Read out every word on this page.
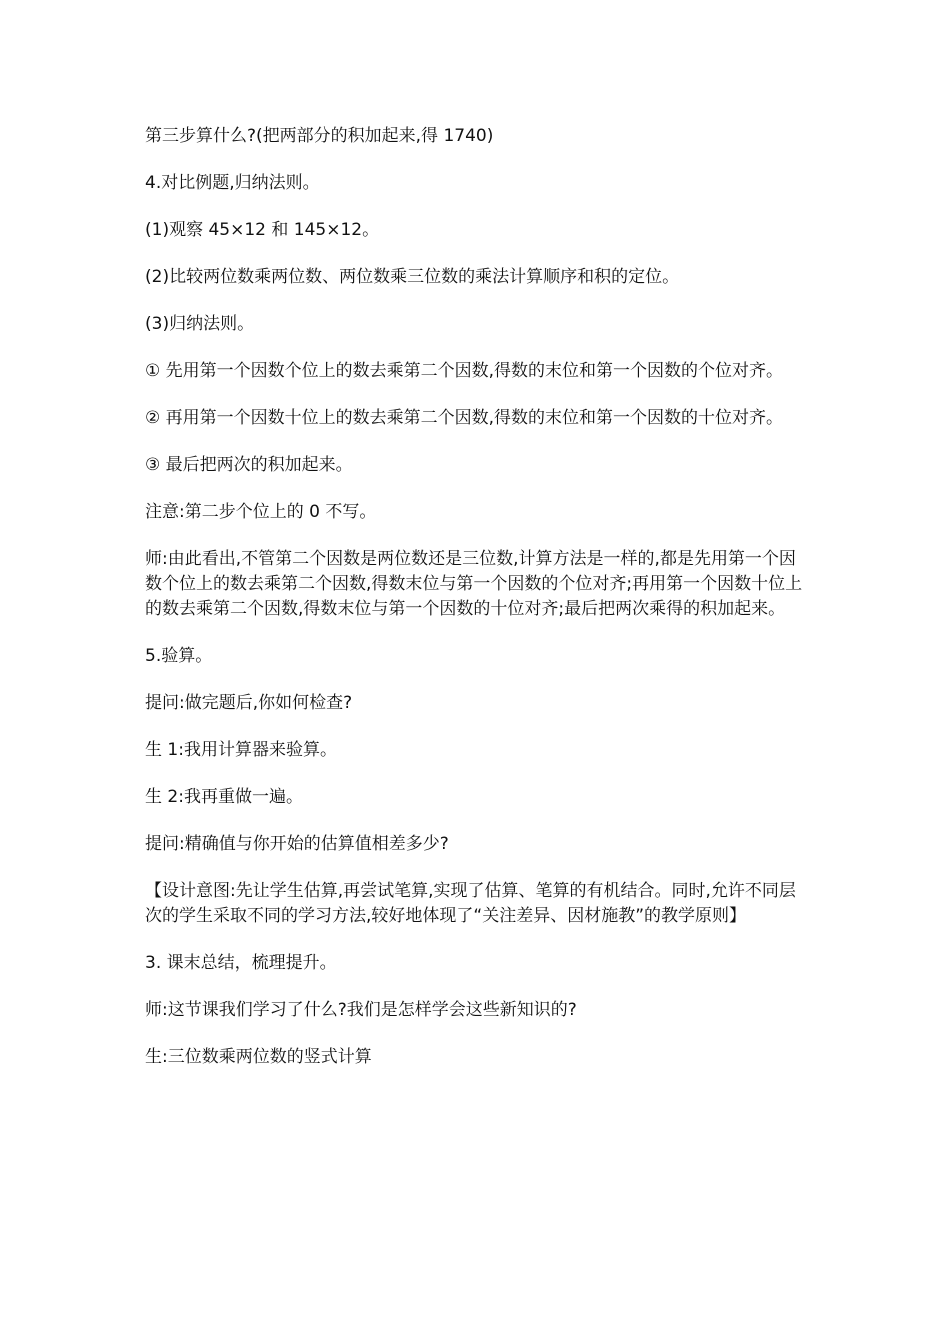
第三步算什么?(把两部分的积加起来,得 1740)

4.对比例题,归纳法则。

(1)观察 45×12 和 145×12。

(2)比较两位数乘两位数、两位数乘三位数的乘法计算顺序和积的定位。

(3)归纳法则。

① 先用第一个因数个位上的数去乘第二个因数,得数的末位和第一个因数的个位对齐。

② 再用第一个因数十位上的数去乘第二个因数,得数的末位和第一个因数的十位对齐。

③ 最后把两次的积加起来。

注意:第二步个位上的 0 不写。

师:由此看出,不管第二个因数是两位数还是三位数,计算方法是一样的,都是先用第一个因数个位上的数去乘第二个因数,得数末位与第一个因数的个位对齐;再用第一个因数十位上的数去乘第二个因数,得数末位与第一个因数的十位对齐;最后把两次乘得的积加起来。

5.验算。

提问:做完题后,你如何检查?

生 1:我用计算器来验算。

生 2:我再重做一遍。

提问:精确值与你开始的估算值相差多少?

【设计意图:先让学生估算,再尝试笔算,实现了估算、笔算的有机结合。同时,允许不同层次的学生采取不同的学习方法,较好地体现了“关注差异、因材施教”的教学原则】

3. 课末总结，梳理提升。

师:这节课我们学习了什么?我们是怎样学会这些新知识的?

生:三位数乘两位数的竖式计算
